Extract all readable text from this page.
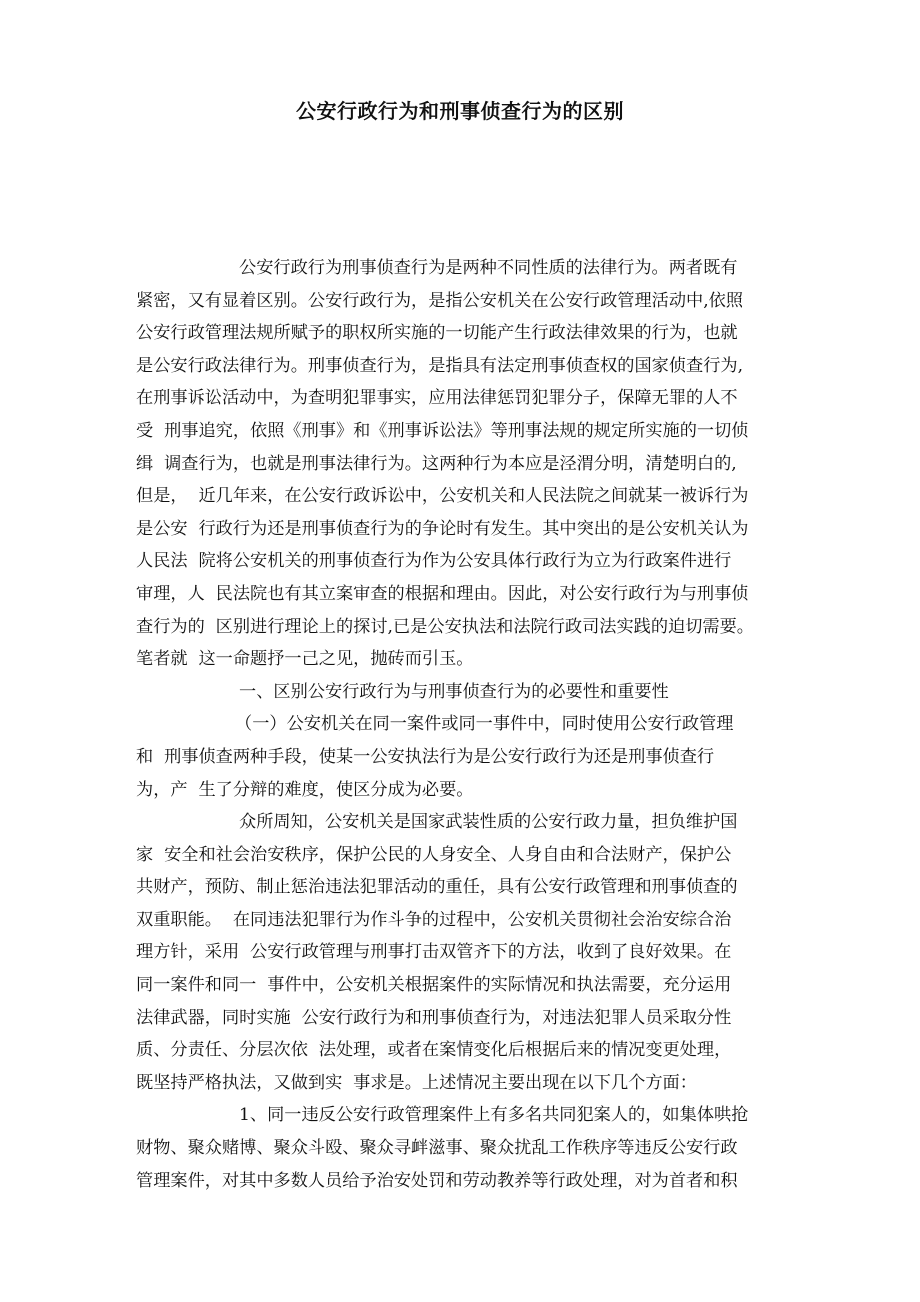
公安行政行为和刑事侦查行为的区别
公安行政行为刑事侦查行为是两种不同性质的法律行为。两者既有
紧密，又有显着区别。公安行政行为，是指公安机关在公安行政管理活动中,依照
公安行政管理法规所赋予的职权所实施的一切能产生行政法律效果的行为，也就
是公安行政法律行为。刑事侦查行为，是指具有法定刑事侦查权的国家侦查行为,
在刑事诉讼活动中，为查明犯罪事实，应用法律惩罚犯罪分子，保障无罪的人不
受  刑事追究，依照《刑事》和《刑事诉讼法》等刑事法规的规定所实施的一切侦
缉  调查行为，也就是刑事法律行为。这两种行为本应是泾渭分明，清楚明白的,
但是，  近几年来，在公安行政诉讼中，公安机关和人民法院之间就某一被诉行为
是公安  行政行为还是刑事侦查行为的争论时有发生。其中突出的是公安机关认为
人民法  院将公安机关的刑事侦查行为作为公安具体行政行为立为行政案件进行
审理，人  民法院也有其立案审查的根据和理由。因此，对公安行政行为与刑事侦
查行为的  区别进行理论上的探讨,已是公安执法和法院行政司法实践的迫切需要。
笔者就  这一命题抒一己之见，抛砖而引玉。
一、区别公安行政行为与刑事侦查行为的必要性和重要性
（一）公安机关在同一案件或同一事件中，同时使用公安行政管理
和  刑事侦查两种手段，使某一公安执法行为是公安行政行为还是刑事侦查行
为，产  生了分辩的难度，使区分成为必要。
众所周知，公安机关是国家武装性质的公安行政力量，担负维护国
家  安全和社会治安秩序，保护公民的人身安全、人身自由和合法财产，保护公
共财产，预防、制止惩治违法犯罪活动的重任，具有公安行政管理和刑事侦查的
双重职能。  在同违法犯罪行为作斗争的过程中，公安机关贯彻社会治安综合治
理方针，采用  公安行政管理与刑事打击双管齐下的方法，收到了良好效果。在
同一案件和同一  事件中，公安机关根据案件的实际情况和执法需要，充分运用
法律武器，同时实施  公安行政行为和刑事侦查行为，对违法犯罪人员采取分性
质、分责任、分层次依  法处理，或者在案情变化后根据后来的情况变更处理，
既坚持严格执法，又做到实  事求是。上述情况主要出现在以下几个方面：
1、同一违反公安行政管理案件上有多名共同犯案人的，如集体哄抢
财物、聚众赌博、聚众斗殴、聚众寻衅滋事、聚众扰乱工作秩序等违反公安行政
管理案件，对其中多数人员给予治安处罚和劳动教养等行政处理，对为首者和积
